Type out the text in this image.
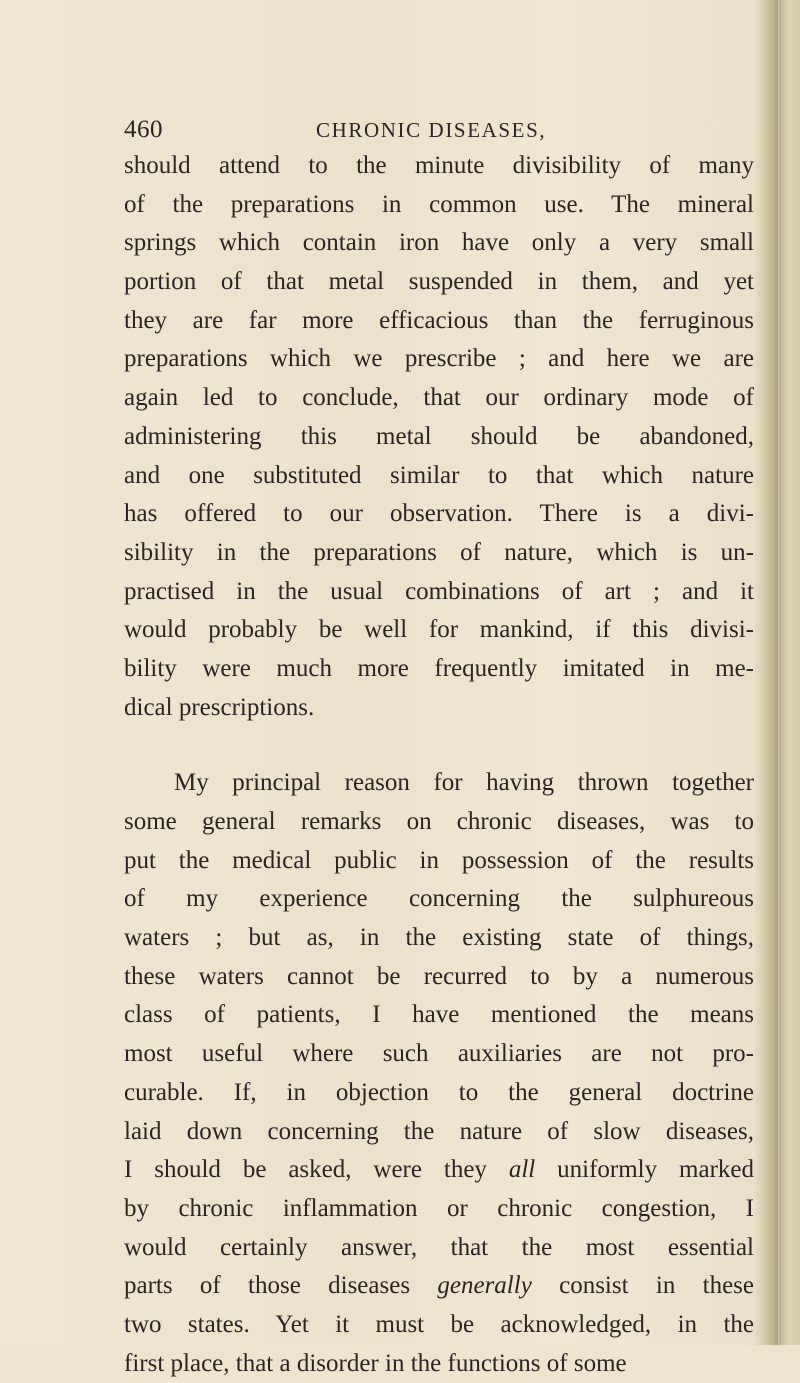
460	CHRONIC DISEASES,
should attend to the minute divisibility of many
of the preparations in common use. The mineral
springs which contain iron have only a very small
portion of that metal suspended in them, and yet
they are far more efficacious than the ferruginous
preparations which we prescribe ; and here we are
again led to conclude, that our ordinary mode of
administering this metal should be abandoned,
and one substituted similar to that which nature
has offered to our observation. There is a divi-
sibility in the preparations of nature, which is un-
practised in the usual combinations of art ; and it
would probably be well for mankind, if this divisi-
bility were much more frequently imitated in me-
dical prescriptions.
My principal reason for having thrown together
some general remarks on chronic diseases, was to
put the medical public in possession of the results
of my experience concerning the sulphureous
waters ; but as, in the existing state of things,
these waters cannot be recurred to by a numerous
class of patients, I have mentioned the means
most useful where such auxiliaries are not pro-
curable. If, in objection to the general doctrine
laid down concerning the nature of slow diseases,
I should be asked, were they all uniformly marked
by chronic inflammation or chronic congestion, I
would certainly answer, that the most essential
parts of those diseases generally consist in these
two states. Yet it must be acknowledged, in the
first place, that a disorder in the functions of some
